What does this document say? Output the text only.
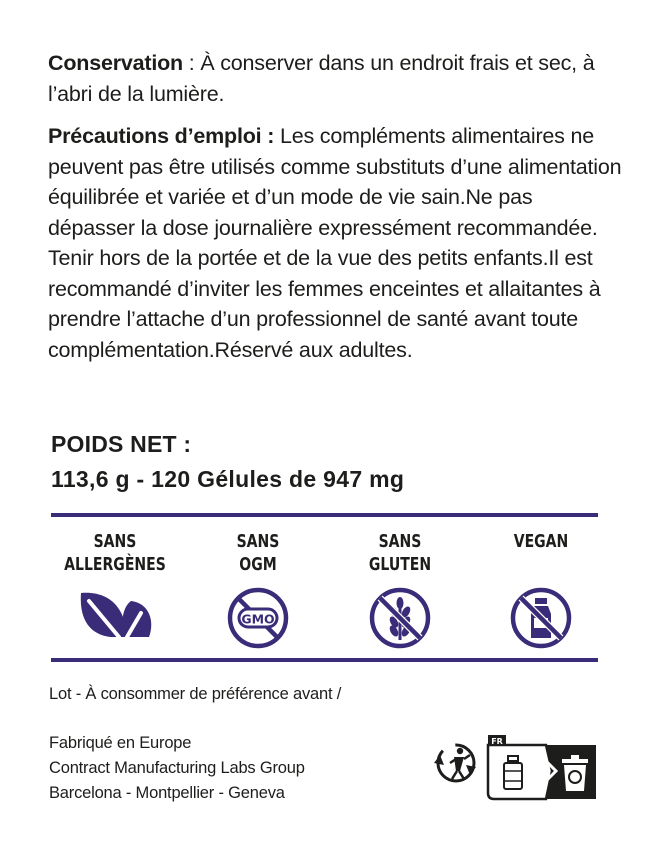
Conservation : À conserver dans un endroit frais et sec, à l’abri de la lumière.

Précautions d’emploi : Les compléments alimentaires ne peuvent pas être utilisés comme substituts d’une alimentation équilibrée et variée et d’un mode de vie sain.Ne pas dépasser la dose journalière expressément recommandée. Tenir hors de la portée et de la vue des petits enfants.Il est recommandé d’inviter les femmes enceintes et allaitantes à prendre l’attache d’un professionnel de santé avant toute complémentation.Réservé aux adultes.

POIDS NET :
113,6 g - 120 Gélules de 947 mg
SANS
ALLERGÈNES
SANS
OGM
GMO
SANS
GLUTEN
VEGAN
Lot - À consommer de préférence avant /
Fabriqué en Europe
Contract Manufacturing Labs Group
Barcelona - Montpellier - Geneva
FR
